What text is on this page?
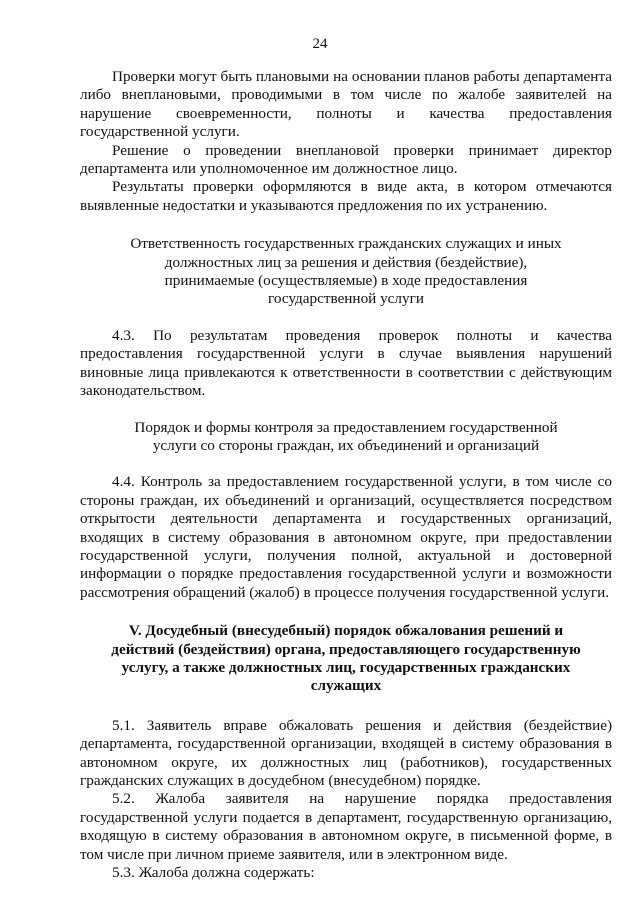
24

Проверки могут быть плановыми на основании планов работы департамента либо внеплановыми, проводимыми в том числе по жалобе заявителей на нарушение своевременности, полноты и качества предоставления государственной услуги.

Решение о проведении внеплановой проверки принимает директор департамента или уполномоченное им должностное лицо.

Результаты проверки оформляются в виде акта, в котором отмечаются выявленные недостатки и указываются предложения по их устранению.

Ответственность государственных гражданских служащих и иных должностных лиц за решения и действия (бездействие), принимаемые (осуществляемые) в ходе предоставления государственной услуги

4.3. По результатам проведения проверок полноты и качества предоставления государственной услуги в случае выявления нарушений виновные лица привлекаются к ответственности в соответствии с действующим законодательством.

Порядок и формы контроля за предоставлением государственной услуги со стороны граждан, их объединений и организаций

4.4. Контроль за предоставлением государственной услуги, в том числе со стороны граждан, их объединений и организаций, осуществляется посредством открытости деятельности департамента и государственных организаций, входящих в систему образования в автономном округе, при предоставлении государственной услуги, получения полной, актуальной и достоверной информации о порядке предоставления государственной услуги и возможности рассмотрения обращений (жалоб) в процессе получения государственной услуги.

V. Досудебный (внесудебный) порядок обжалования решений и действий (бездействия) органа, предоставляющего государственную услугу, а также должностных лиц, государственных гражданских служащих

5.1. Заявитель вправе обжаловать решения и действия (бездействие) департамента, государственной организации, входящей в систему образования в автономном округе, их должностных лиц (работников), государственных гражданских служащих в досудебном (внесудебном) порядке.

5.2. Жалоба заявителя на нарушение порядка предоставления государственной услуги подается в департамент, государственную организацию, входящую в систему образования в автономном округе, в письменной форме, в том числе при личном приеме заявителя, или в электронном виде.

5.3. Жалоба должна содержать:
